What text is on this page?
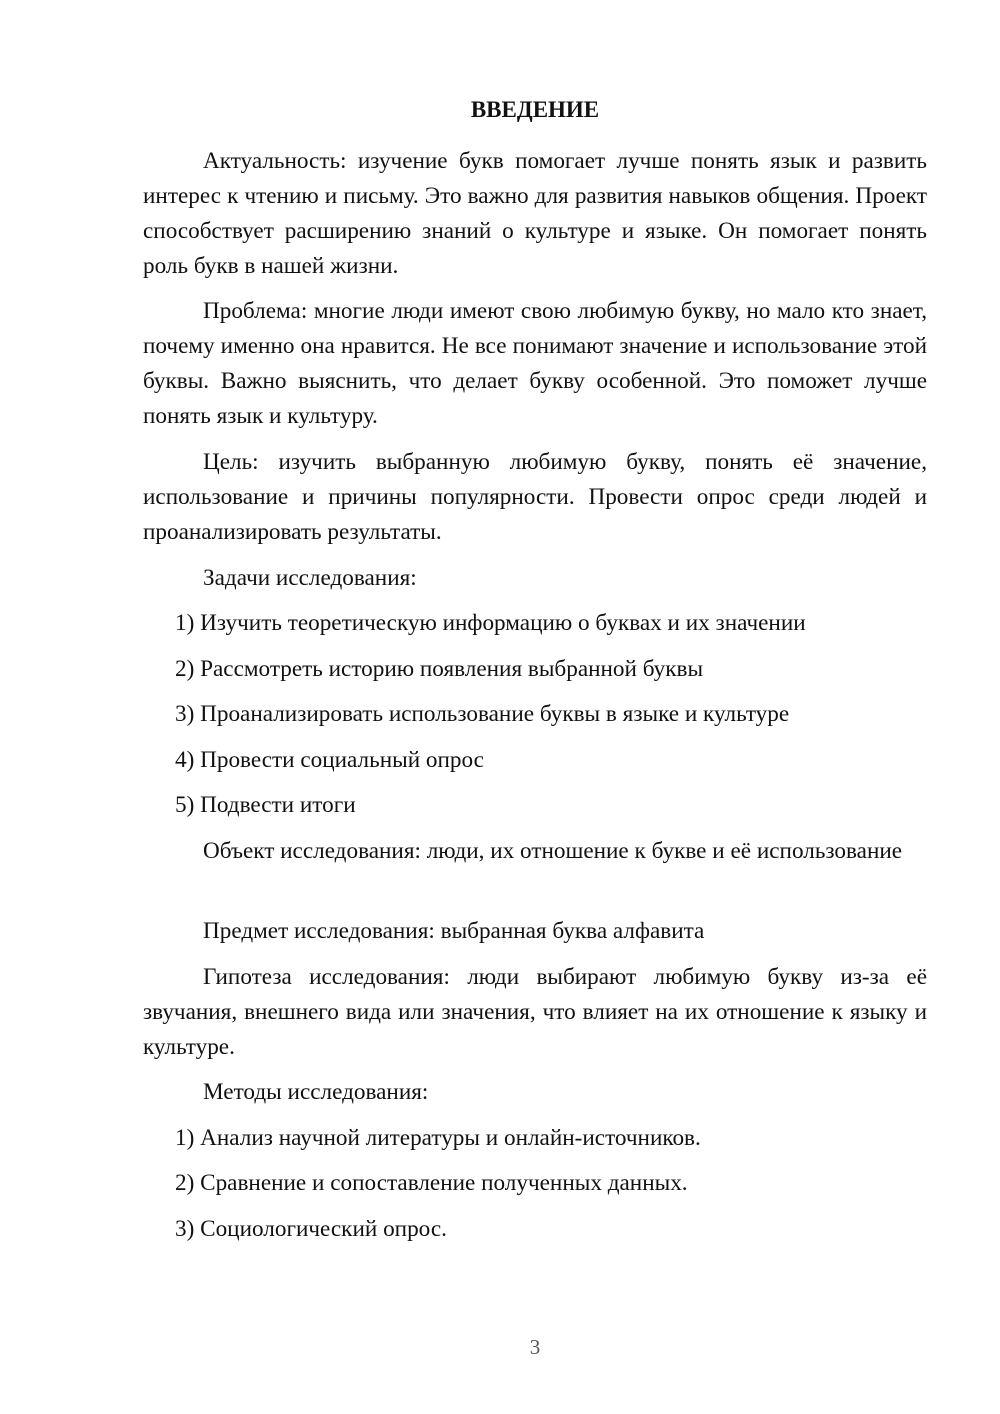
ВВЕДЕНИЕ

Актуальность: изучение букв помогает лучше понять язык и развить интерес к чтению и письму. Это важно для развития навыков общения. Проект способствует расширению знаний о культуре и языке. Он помогает понять роль букв в нашей жизни.

Проблема: многие люди имеют свою любимую букву, но мало кто знает, почему именно она нравится. Не все понимают значение и использование этой буквы. Важно выяснить, что делает букву особенной. Это поможет лучше понять язык и культуру.

Цель: изучить выбранную любимую букву, понять её значение, использование и причины популярности. Провести опрос среди людей и проанализировать результаты.

Задачи исследования:
1) Изучить теоретическую информацию о буквах и их значении
2) Рассмотреть историю появления выбранной буквы
3) Проанализировать использование буквы в языке и культуре
4) Провести социальный опрос
5) Подвести итоги

Объект исследования: люди, их отношение к букве и её использование

Предмет исследования: выбранная буква алфавита

Гипотеза исследования: люди выбирают любимую букву из-за её звучания, внешнего вида или значения, что влияет на их отношение к языку и культуре.

Методы исследования:
1) Анализ научной литературы и онлайн-источников.
2) Сравнение и сопоставление полученных данных.
3) Социологический опрос.
3
